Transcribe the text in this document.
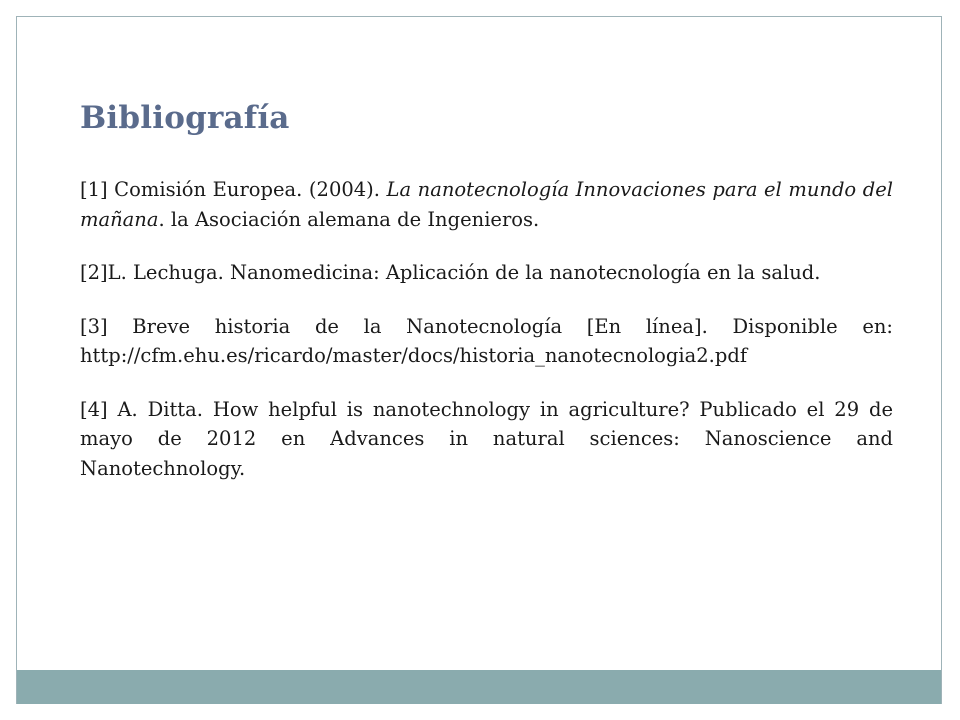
Bibliografía

[1] Comisión Europea. (2004). La nanotecnología Innovaciones para el mundo del mañana. la Asociación alemana de Ingenieros.

[2]L. Lechuga. Nanomedicina: Aplicación de la nanotecnología en la salud.

[3] Breve historia de la Nanotecnología [En línea]. Disponible en: http://cfm.ehu.es/ricardo/master/docs/historia_nanotecnologia2.pdf

[4] A. Ditta. How helpful is nanotechnology in agriculture? Publicado el 29 de mayo de 2012 en Advances in natural sciences: Nanoscience and Nanotechnology.
